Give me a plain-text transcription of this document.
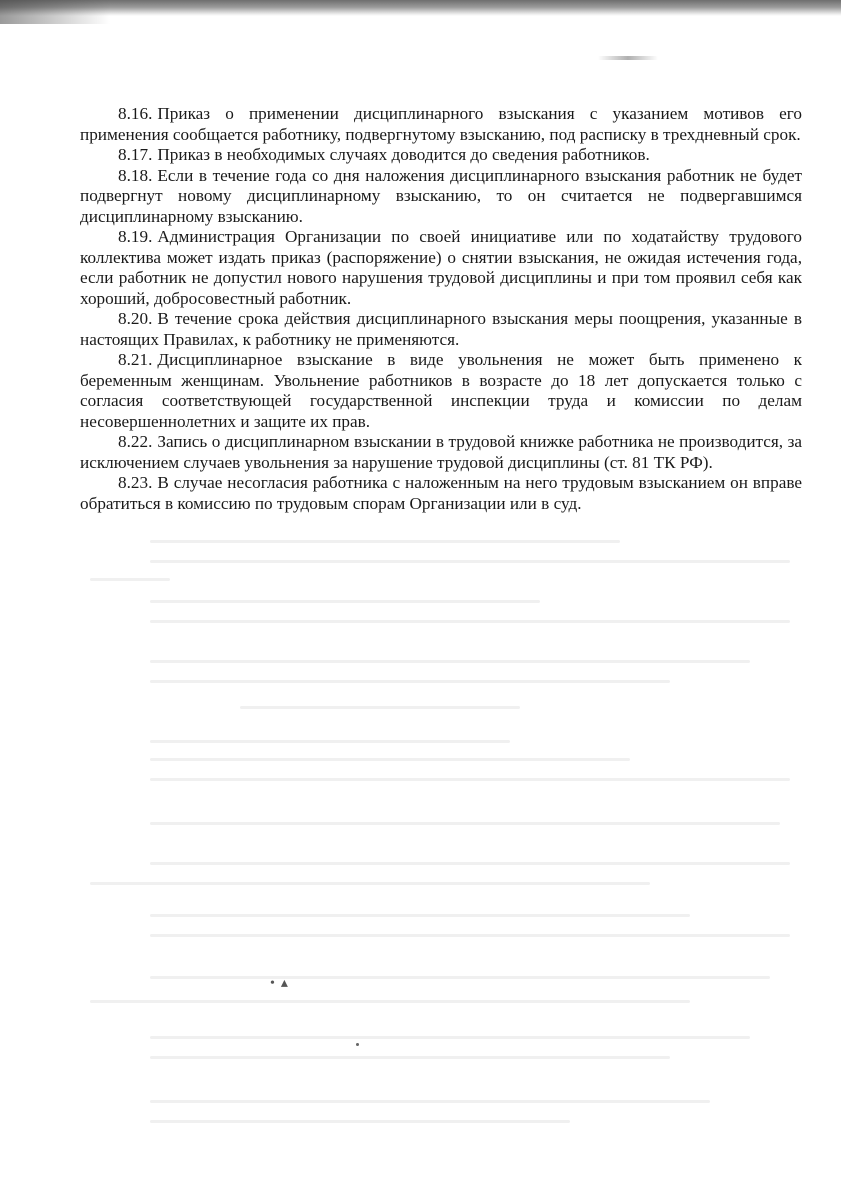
8.16. Приказ о применении дисциплинарного взыскания с указанием мотивов его применения сообщается работнику, подвергнутому взысканию, под расписку в трехдневный срок.

8.17. Приказ в необходимых случаях доводится до сведения работников.

8.18. Если в течение года со дня наложения дисциплинарного взыскания работник не будет подвергнут новому дисциплинарному взысканию, то он считается не подвергавшимся дисциплинарному взысканию.

8.19. Администрация Организации по своей инициативе или по ходатайству трудового коллектива может издать приказ (распоряжение) о снятии взыскания, не ожидая истечения года, если работник не допустил нового нарушения трудовой дисциплины и при том проявил себя как хороший, добросовестный работник.

8.20. В течение срока действия дисциплинарного взыскания меры поощрения, указанные в настоящих Правилах, к работнику не применяются.

8.21. Дисциплинарное взыскание в виде увольнения не может быть применено к беременным женщинам. Увольнение работников в возрасте до 18 лет допускается только с согласия соответствующей государственной инспекции труда и комиссии по делам несовершеннолетних и защите их прав.

8.22. Запись о дисциплинарном взыскании в трудовой книжке работника не производится, за исключением случаев увольнения за нарушение трудовой дисциплины (ст. 81 ТК РФ).

8.23. В случае несогласия работника с наложенным на него трудовым взысканием он вправе обратиться в комиссию по трудовым спорам Организации или в суд.

•▴
